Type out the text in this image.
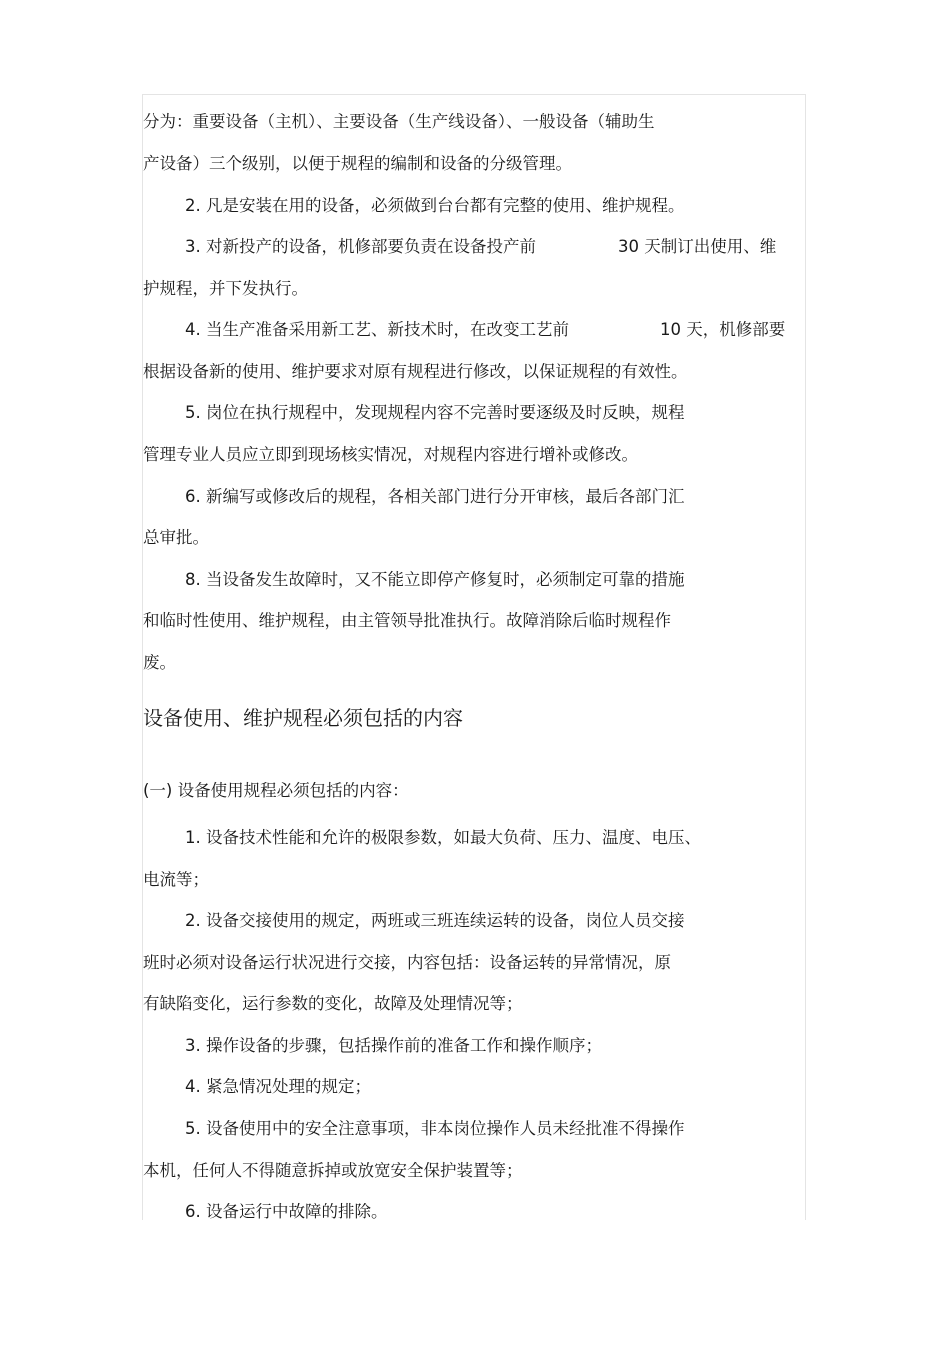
分为：重要设备（主机）、主要设备（生产线设备）、一般设备（辅助生
产设备）三个级别，以便于规程的编制和设备的分级管理。
2. 凡是安装在用的设备，必须做到台台都有完整的使用、维护规程。
3. 对新投产的设备，机修部要负责在设备投产前	30 天制订出使用、维
护规程，并下发执行。
4. 当生产准备采用新工艺、新技术时，在改变工艺前	10 天，机修部要
根据设备新的使用、维护要求对原有规程进行修改，以保证规程的有效性。
5. 岗位在执行规程中，发现规程内容不完善时要逐级及时反映，规程
管理专业人员应立即到现场核实情况，对规程内容进行增补或修改。
6. 新编写或修改后的规程，各相关部门进行分开审核，最后各部门汇
总审批。
8. 当设备发生故障时，又不能立即停产修复时，必须制定可靠的措施
和临时性使用、维护规程，由主管领导批准执行。故障消除后临时规程作
废。
设备使用、维护规程必须包括的内容
(一) 设备使用规程必须包括的内容：
1. 设备技术性能和允许的极限参数，如最大负荷、压力、温度、电压、
电流等；
2. 设备交接使用的规定，两班或三班连续运转的设备，岗位人员交接
班时必须对设备运行状况进行交接，内容包括：设备运转的异常情况，原
有缺陷变化，运行参数的变化，故障及处理情况等；
3. 操作设备的步骤，包括操作前的准备工作和操作顺序；
4. 紧急情况处理的规定；
5. 设备使用中的安全注意事项，非本岗位操作人员未经批准不得操作
本机，任何人不得随意拆掉或放宽安全保护装置等；
6. 设备运行中故障的排除。
